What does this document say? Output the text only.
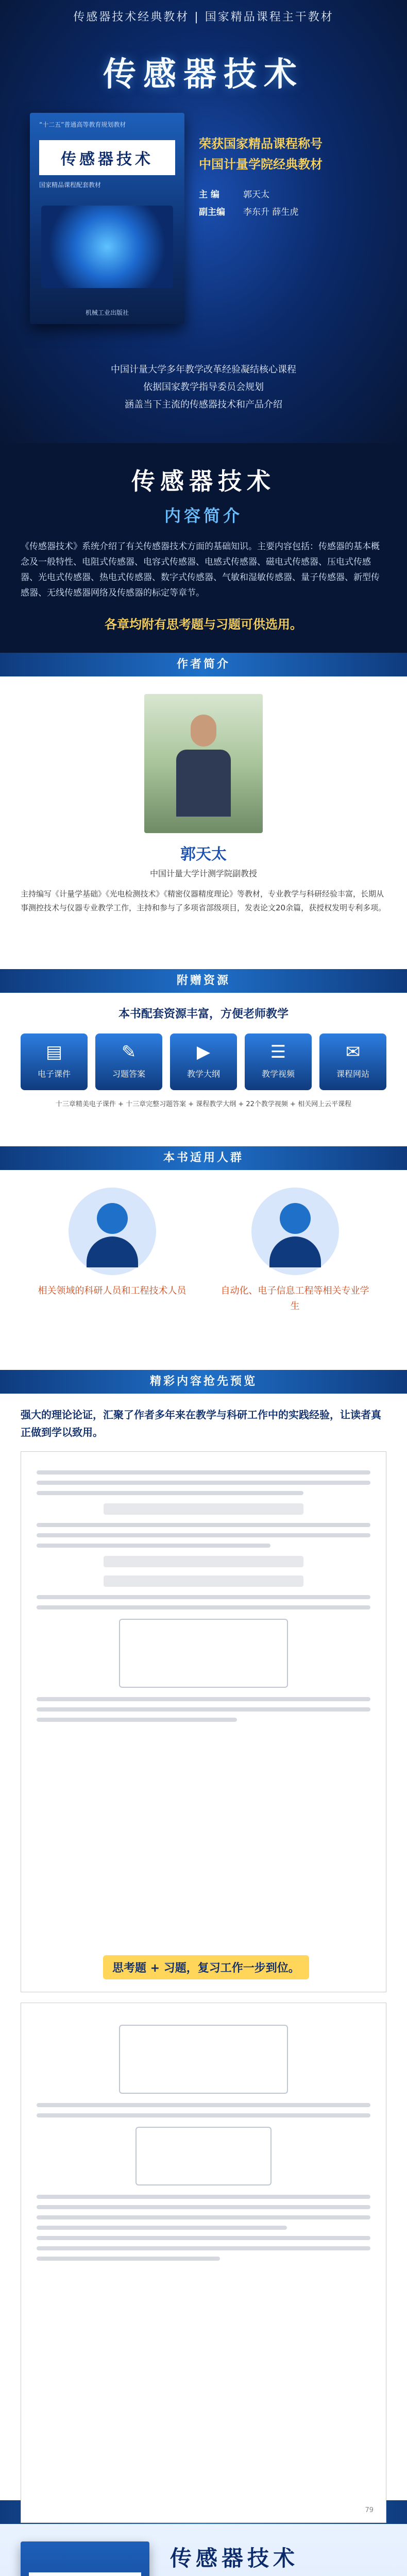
传感器技术经典教材 | 国家精品课程主干教材
传感器技术
“十二五”普通高等教育规划教材
传感器技术
国家精品课程配套教材
机械工业出版社
荣获国家精品课程称号
中国计量学院经典教材
主 编	郭天太
副主编 李东升 薛生虎
中国计量大学多年教学改革经验凝结核心课程
依据国家教学指导委员会规划
涵盖当下主流的传感器技术和产品介绍
传感器技术
内容简介
《传感器技术》系统介绍了有关传感器技术方面的基础知识。主要内容包括：传感器的基本概念及一般特性、电阻式传感器、电容式传感器、电感式传感器、磁电式传感器、压电式传感器、光电式传感器、热电式传感器、数字式传感器、气敏和湿敏传感器、量子传感器、新型传感器、无线传感器网络及传感器的标定等章节。
各章均附有思考题与习题可供选用。
作者简介
郭天太
中国计量大学计测学院副教授
主持编写《计量学基础》《光电检测技术》《精密仪器精度理论》等教材，专业教学与科研经验丰富，长期从事测控技术与仪器专业教学工作，主持和参与了多项省部级项目，发表论文20余篇，获授权发明专利多项。
附赠资源
本书配套资源丰富，方便老师教学
▤
电子课件
✎
习题答案
▶
教学大纲
☰
教学视频
✉
课程网站
十三章精美电子课件 + 十三章完整习题答案 + 课程教学大纲 + 22个教学视频 + 相关网上云平课程
本书适用人群
相关领域的科研人员和工程技术人员	自动化、电子信息工程等相关专业学生
精彩内容抢先预览
强大的理论论证，汇聚了作者多年来在教学与科研工作中的实践经验，让读者真正做到学以致用。
79
思考题 + 习题，复习工作一步到位。
传感器技术
